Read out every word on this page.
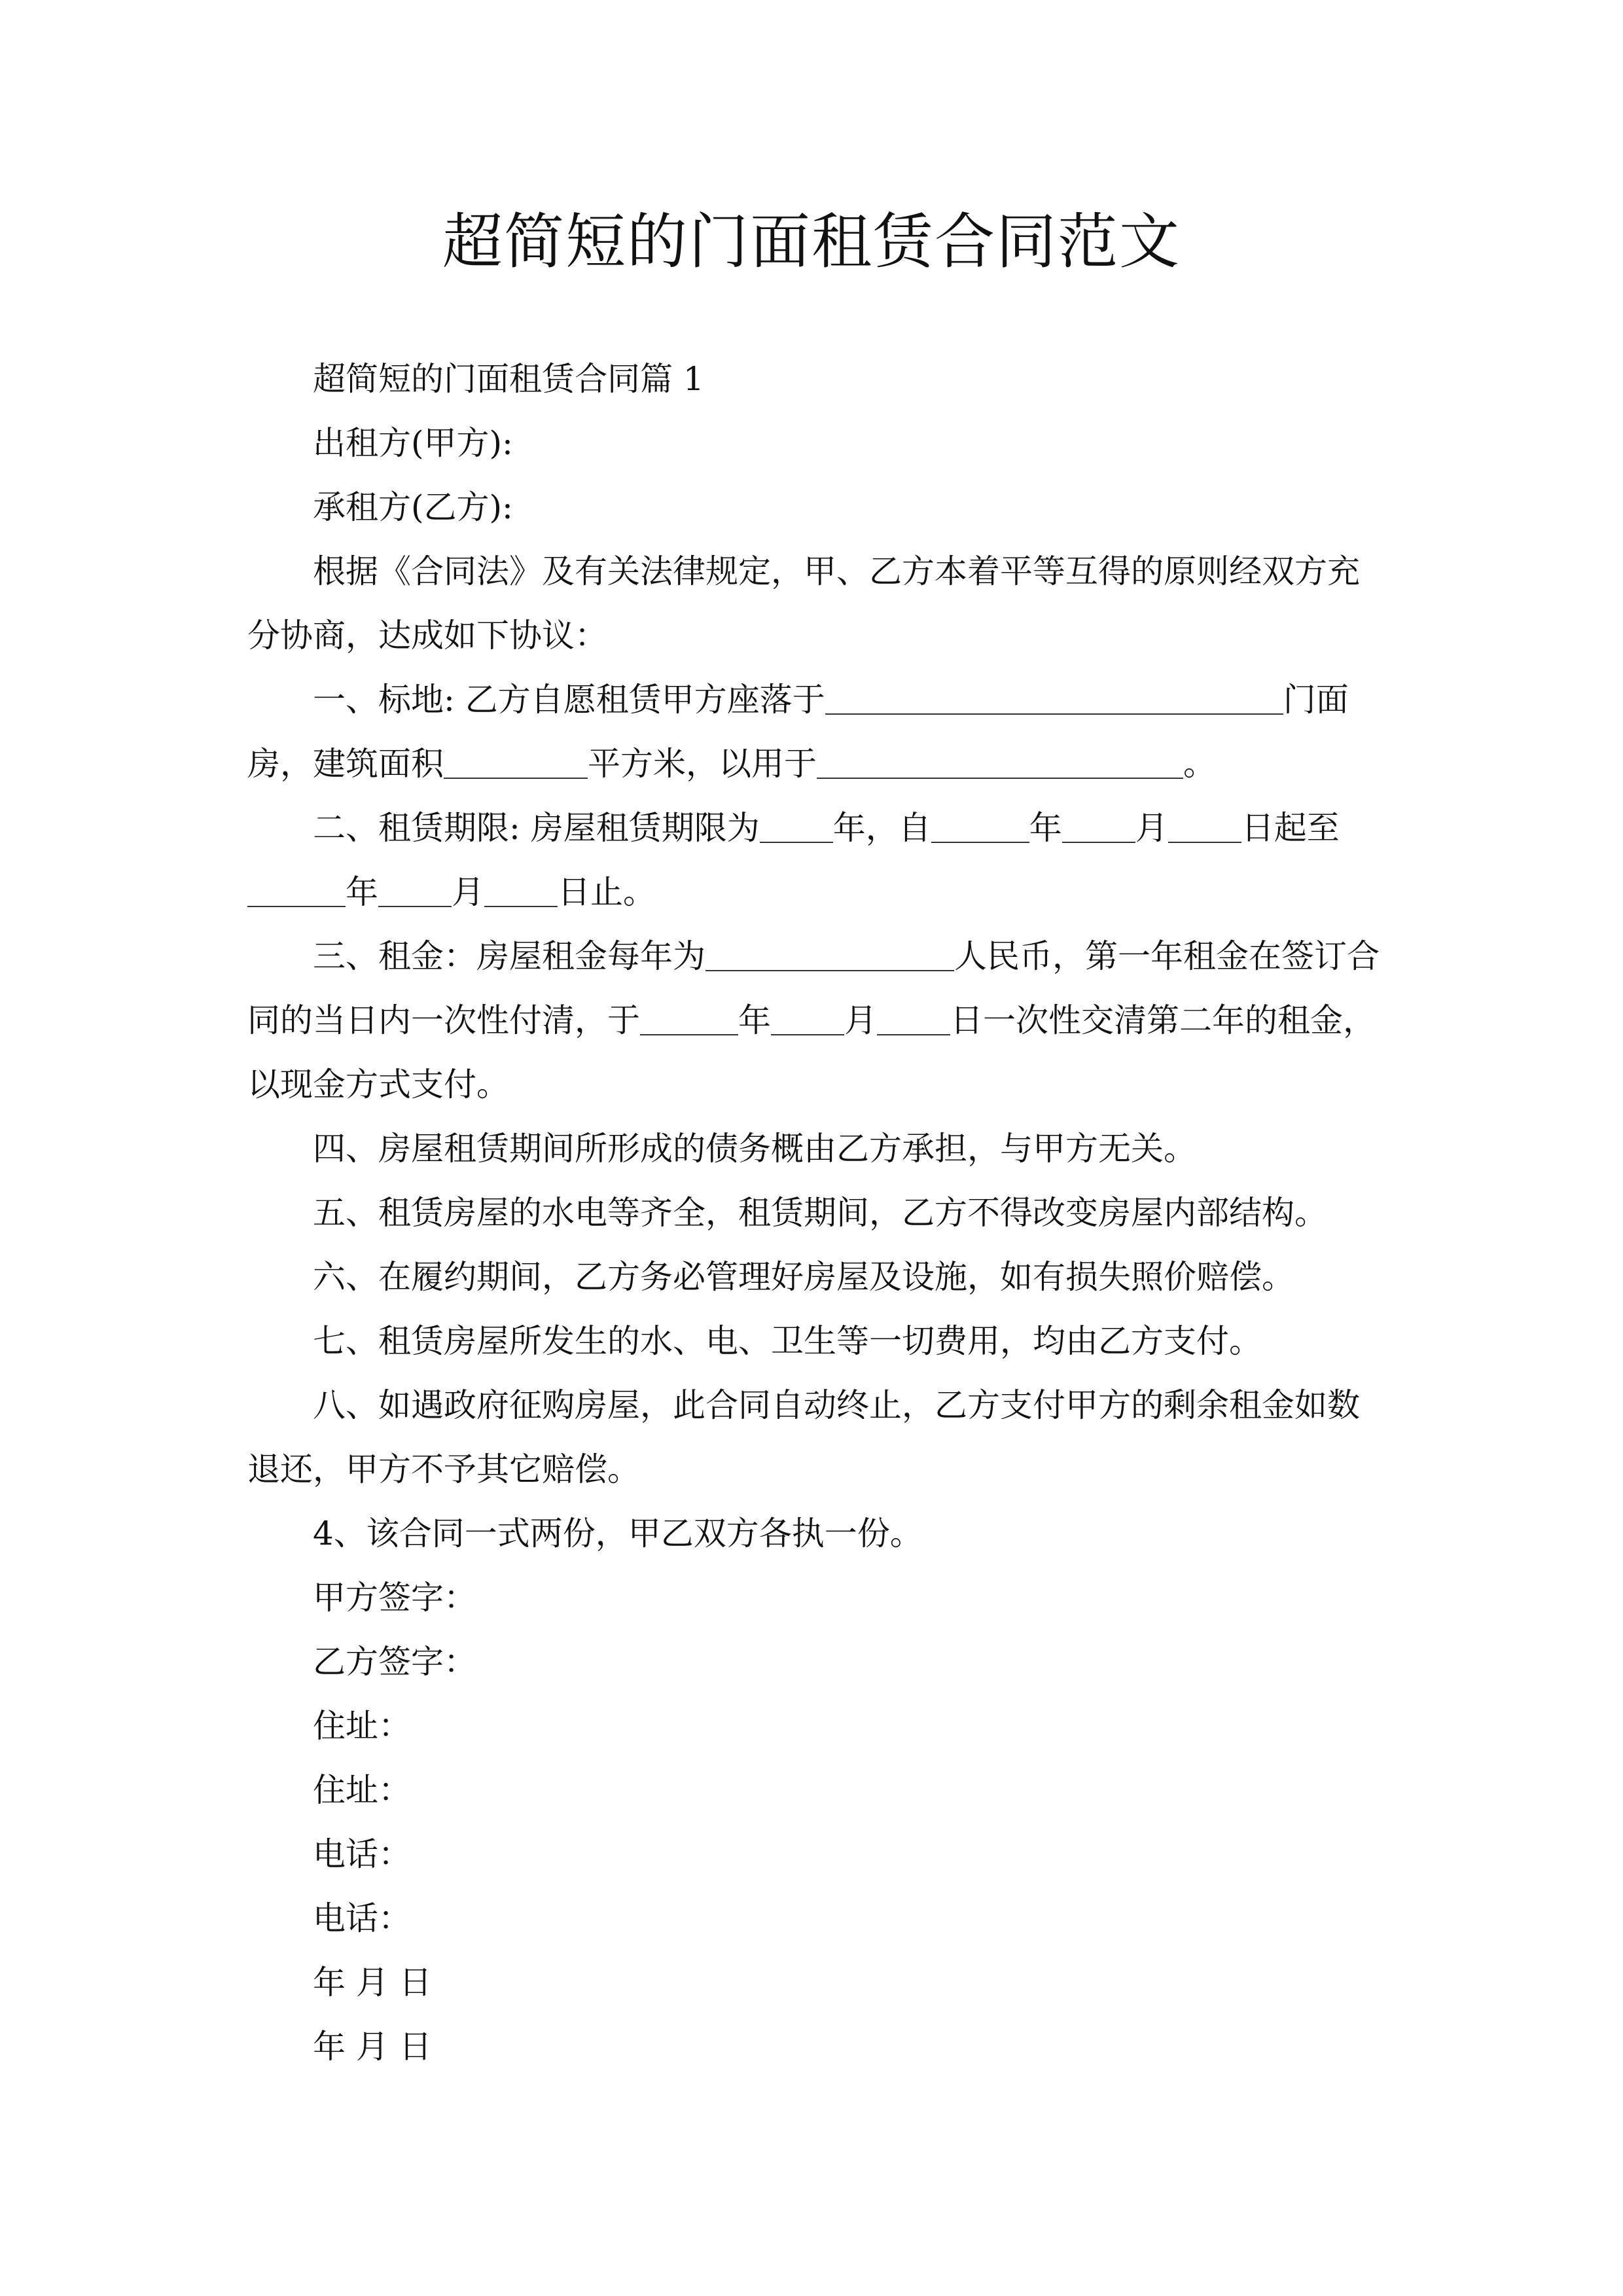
超简短的门面租赁合同范文

超简短的门面租赁合同篇 1

出租方(甲方):

承租方(乙方):

根据《合同法》及有关法律规定，甲、乙方本着平等互得的原则经双方充分协商，达成如下协议：

一、标地: 乙方自愿租赁甲方座落于	门面房，建筑面积	平方米，以用于	。

二、租赁期限: 房屋租赁期限为 年，自	年 月 日起至年 月 日止。

三、租金：房屋租金每年为	人民币，第一年租金在签订合同的当日内一次性付清，于	年 月 日一次性交清第二年的租金，以现金方式支付。

四、房屋租赁期间所形成的债务概由乙方承担，与甲方无关。

五、租赁房屋的水电等齐全，租赁期间，乙方不得改变房屋内部结构。

六、在履约期间，乙方务必管理好房屋及设施，如有损失照价赔偿。

七、租赁房屋所发生的水、电、卫生等一切费用，均由乙方支付。

八、如遇政府征购房屋，此合同自动终止，乙方支付甲方的剩余租金如数退还，甲方不予其它赔偿。

4、该合同一式两份，甲乙双方各执一份。

甲方签字：

乙方签字：

住址：

住址：

电话：

电话：

年 月 日

年 月 日
